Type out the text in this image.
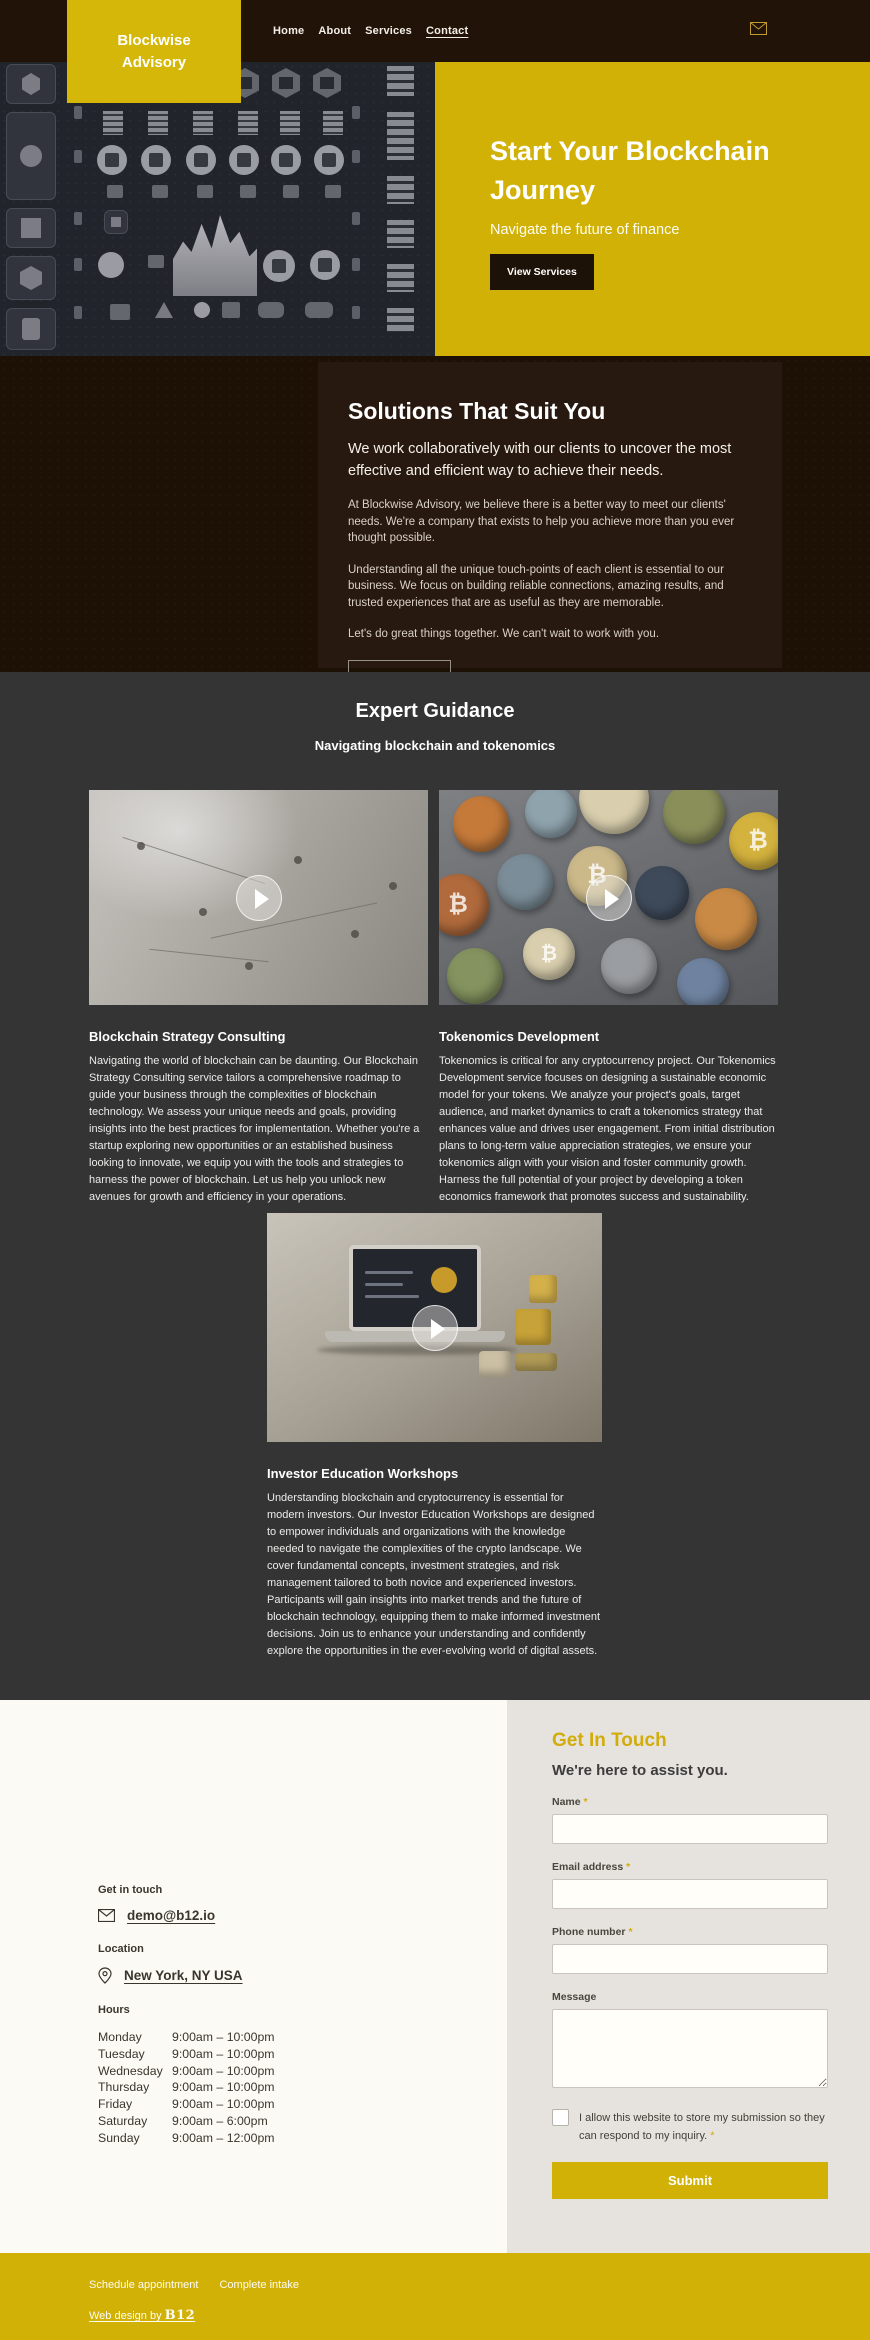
Home About Services Contact
Blockwise Advisory
Start Your Blockchain Journey
Navigate the future of finance
View Services
Solutions That Suit You
We work collaboratively with our clients to uncover the most effective and efficient way to achieve their needs.

At Blockwise Advisory, we believe there is a better way to meet our clients' needs. We're a company that exists to help you achieve more than you ever thought possible.

Understanding all the unique touch-points of each client is essential to our business. We focus on building reliable connections, amazing results, and trusted experiences that are as useful as they are memorable.

Let's do great things together. We can't wait to work with you.

Expert Guidance
Navigating blockchain and tokenomics
Blockchain Strategy Consulting
Navigating the world of blockchain can be daunting. Our Blockchain Strategy Consulting service tailors a comprehensive roadmap to guide your business through the complexities of blockchain technology. We assess your unique needs and goals, providing insights into the best practices for implementation. Whether you're a startup exploring new opportunities or an established business looking to innovate, we equip you with the tools and strategies to harness the power of blockchain. Let us help you unlock new avenues for growth and efficiency in your operations.
₿
₿
₿
₿
Tokenomics Development
Tokenomics is critical for any cryptocurrency project. Our Tokenomics Development service focuses on designing a sustainable economic model for your tokens. We analyze your project's goals, target audience, and market dynamics to craft a tokenomics strategy that enhances value and drives user engagement. From initial distribution plans to long-term value appreciation strategies, we ensure your tokenomics align with your vision and foster community growth. Harness the full potential of your project by developing a token economics framework that promotes success and sustainability.
Investor Education Workshops
Understanding blockchain and cryptocurrency is essential for modern investors. Our Investor Education Workshops are designed to empower individuals and organizations with the knowledge needed to navigate the complexities of the crypto landscape. We cover fundamental concepts, investment strategies, and risk management tailored to both novice and experienced investors. Participants will gain insights into market trends and the future of blockchain technology, equipping them to make informed investment decisions. Join us to enhance your understanding and confidently explore the opportunities in the ever-evolving world of digital assets.
Get in touch
demo@b12.io
Location
New York, NY USA
Hours
Monday 9:00am – 10:00pm
Tuesday 9:00am – 10:00pm
Wednesday 9:00am – 10:00pm
Thursday 9:00am – 10:00pm
Friday	9:00am – 10:00pm
Saturday 9:00am – 6:00pm
Sunday	9:00am – 12:00pm
Get In Touch
We're here to assist you.
Name *
Email address *
Phone number *
Message
I allow this website to store my submission so they can respond to my inquiry. *
Submit
Schedule appointment Complete intake
Web design by B12
